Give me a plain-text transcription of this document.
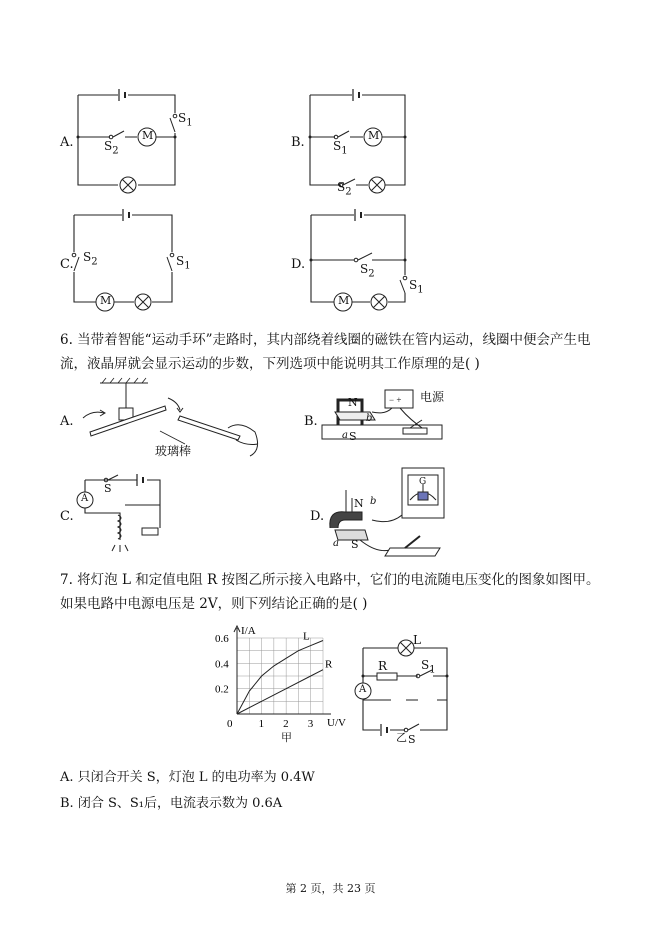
− +
A.
$S_1$
$S_2$
M	B. $S_1$
$S_2$
M
C. $S_2$	$S_1$
M
D.	$S_2$
$S_1$
M
6. 当带着智能“运动手环”走路时，其内部绕着线圈的磁铁在管内运动，线圈中便会产生电流，液晶屏就会显示运动的步数，下列选项中能说明其工作原理的是( )
A.
玻璃棒
B.
电源
N
S
a
b
C.
A
S
D.
N
S
a
b
G
7. 将灯泡 L 和定值电阻 R 按图乙所示接入电路中，它们的电流随电压变化的图象如图甲。如果电路中电源电压是 2V，则下列结论正确的是( )
0 1 2 3
0.2
0.4
0.6
U/V
I/A	L
R
甲	乙
L
R	$S_1$
S
A
A. 只闭合开关 S，灯泡 L 的电功率为 0.4W
B. 闭合 S、S₁后，电流表示数为 0.6A
第 2 页，共 23 页
